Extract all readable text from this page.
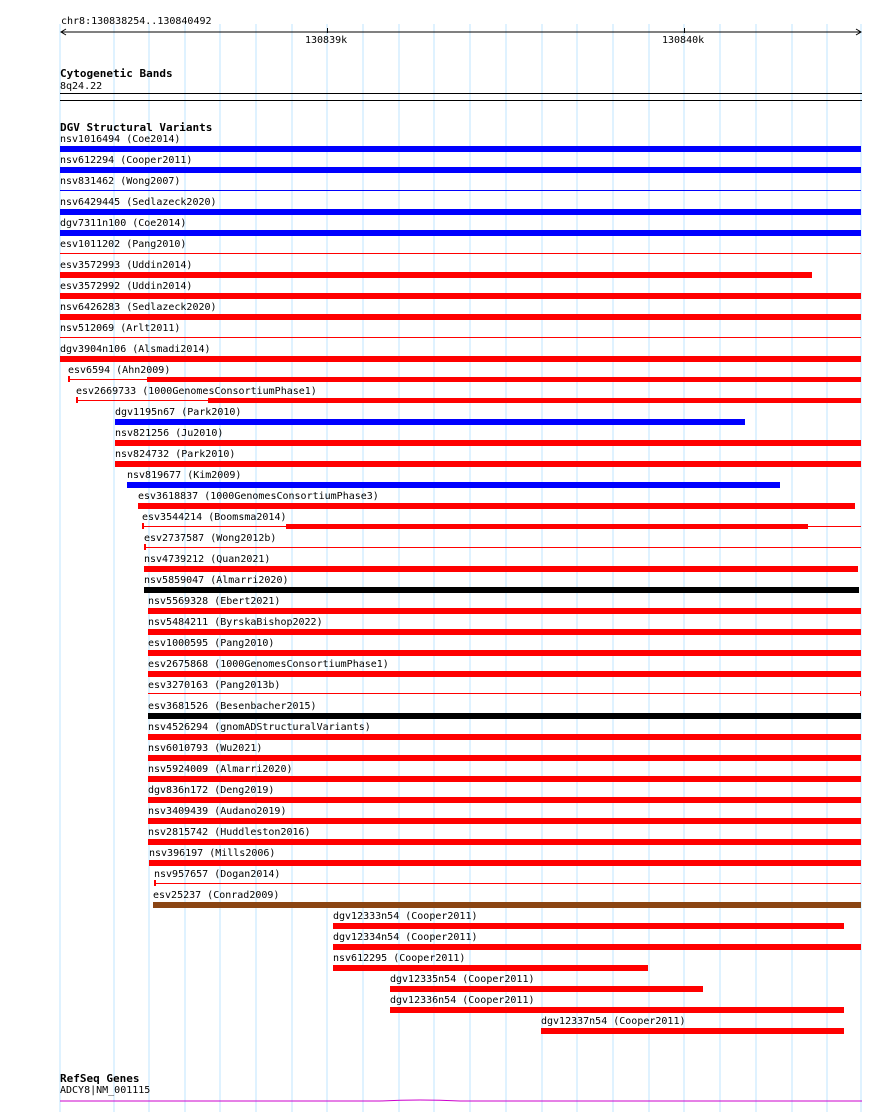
chr8:130838254..130840492
130839k	130840k
Cytogenetic Bands
8q24.22
DGV Structural Variants
nsv1016494 (Coe2014)
nsv612294 (Cooper2011)
nsv831462 (Wong2007)
nsv6429445 (Sedlazeck2020)
dgv7311n100 (Coe2014)
esv1011202 (Pang2010)
esv3572993 (Uddin2014)
esv3572992 (Uddin2014)
nsv6426283 (Sedlazeck2020)
nsv512069 (Arlt2011)
dgv3904n106 (Alsmadi2014)
esv6594 (Ahn2009)
esv2669733 (1000GenomesConsortiumPhase1)
dgv1195n67 (Park2010)
nsv821256 (Ju2010)
nsv824732 (Park2010)
nsv819677 (Kim2009)
esv3618837 (1000GenomesConsortiumPhase3)
esv3544214 (Boomsma2014)
esv2737587 (Wong2012b)
nsv4739212 (Quan2021)
nsv5859047 (Almarri2020)
nsv5569328 (Ebert2021)
nsv5484211 (ByrskaBishop2022)
esv1000595 (Pang2010)
esv2675868 (1000GenomesConsortiumPhase1)
esv3270163 (Pang2013b)
esv3681526 (Besenbacher2015)
nsv4526294 (gnomADStructuralVariants)
nsv6010793 (Wu2021)
nsv5924009 (Almarri2020)
dgv836n172 (Deng2019)
nsv3409439 (Audano2019)
nsv2815742 (Huddleston2016)
nsv396197 (Mills2006)
nsv957657 (Dogan2014)
esv25237 (Conrad2009)
dgv12333n54 (Cooper2011)
dgv12334n54 (Cooper2011)
nsv612295 (Cooper2011)
dgv12335n54 (Cooper2011)
dgv12336n54 (Cooper2011)
dgv12337n54 (Cooper2011)
RefSeq Genes
ADCY8|NM_001115
